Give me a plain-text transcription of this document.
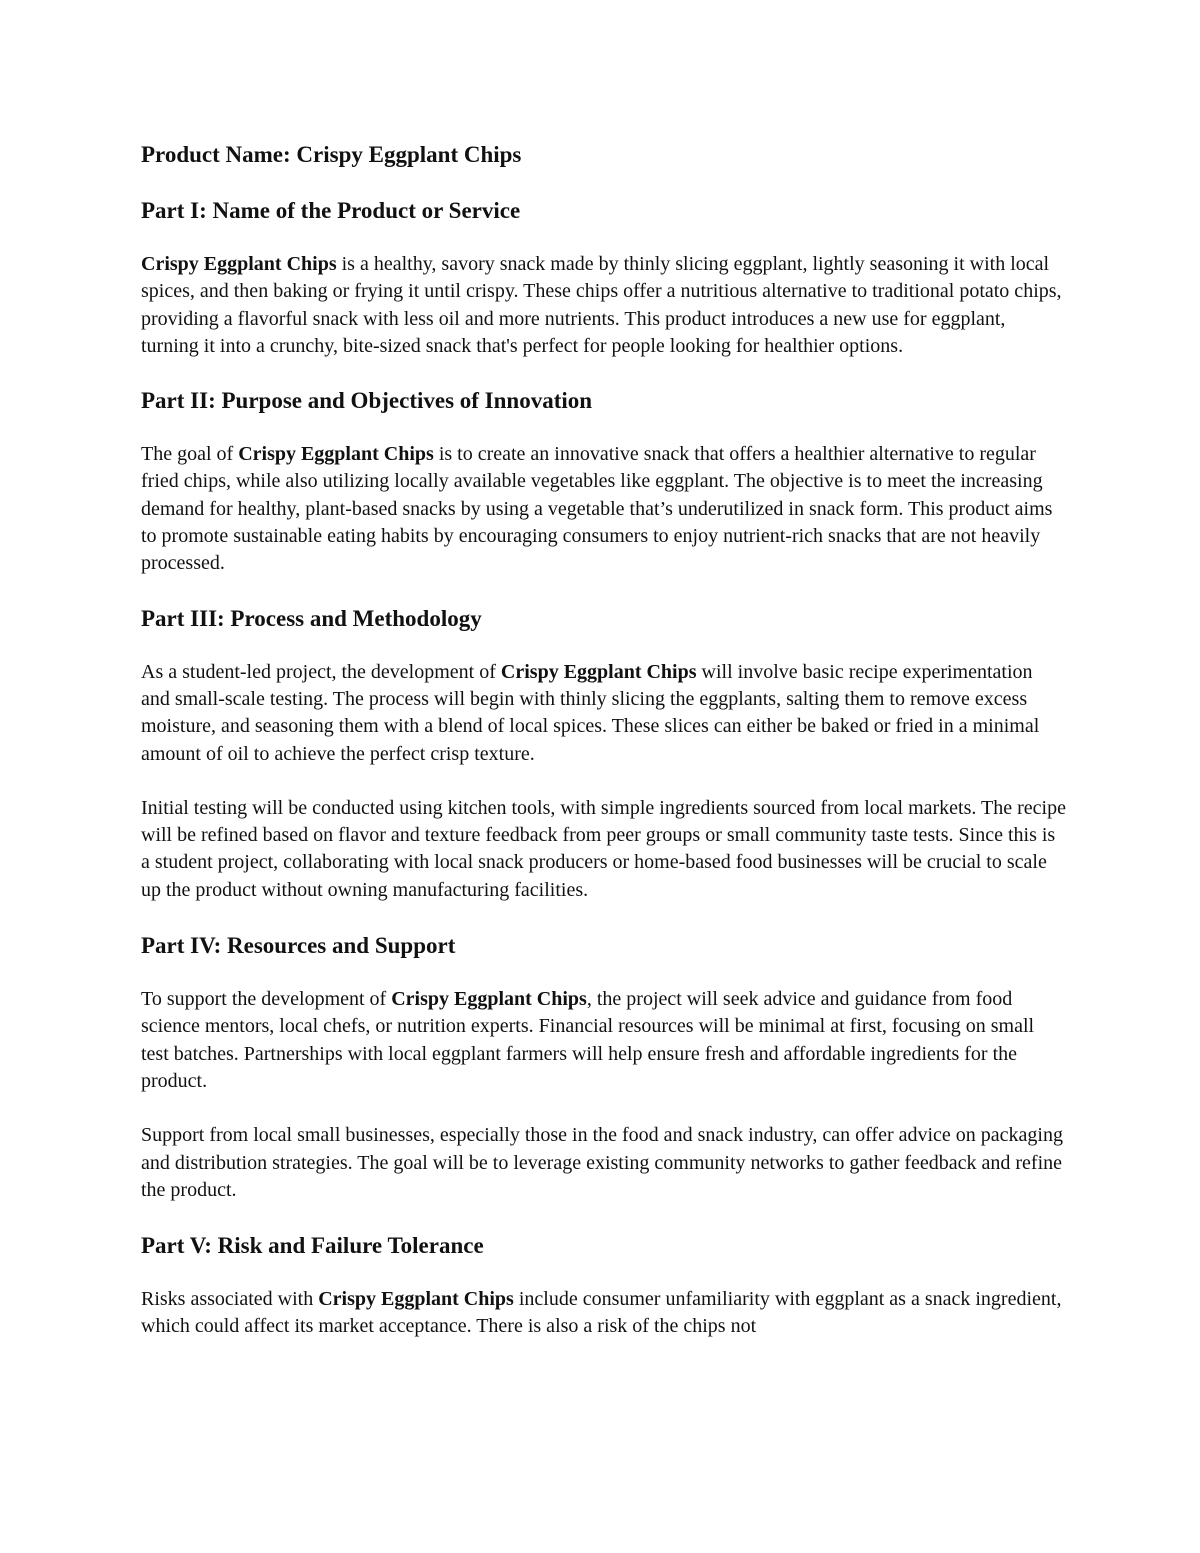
Product Name: Crispy Eggplant Chips
Part I: Name of the Product or Service

Crispy Eggplant Chips is a healthy, savory snack made by thinly slicing eggplant, lightly seasoning it with local spices, and then baking or frying it until crispy. These chips offer a nutritious alternative to traditional potato chips, providing a flavorful snack with less oil and more nutrients. This product introduces a new use for eggplant, turning it into a crunchy, bite-sized snack that's perfect for people looking for healthier options.

Part II: Purpose and Objectives of Innovation

The goal of Crispy Eggplant Chips is to create an innovative snack that offers a healthier alternative to regular fried chips, while also utilizing locally available vegetables like eggplant. The objective is to meet the increasing demand for healthy, plant-based snacks by using a vegetable that’s underutilized in snack form. This product aims to promote sustainable eating habits by encouraging consumers to enjoy nutrient-rich snacks that are not heavily processed.

Part III: Process and Methodology

As a student-led project, the development of Crispy Eggplant Chips will involve basic recipe experimentation and small-scale testing. The process will begin with thinly slicing the eggplants, salting them to remove excess moisture, and seasoning them with a blend of local spices. These slices can either be baked or fried in a minimal amount of oil to achieve the perfect crisp texture.

Initial testing will be conducted using kitchen tools, with simple ingredients sourced from local markets. The recipe will be refined based on flavor and texture feedback from peer groups or small community taste tests. Since this is a student project, collaborating with local snack producers or home-based food businesses will be crucial to scale up the product without owning manufacturing facilities.

Part IV: Resources and Support

To support the development of Crispy Eggplant Chips, the project will seek advice and guidance from food science mentors, local chefs, or nutrition experts. Financial resources will be minimal at first, focusing on small test batches. Partnerships with local eggplant farmers will help ensure fresh and affordable ingredients for the product.

Support from local small businesses, especially those in the food and snack industry, can offer advice on packaging and distribution strategies. The goal will be to leverage existing community networks to gather feedback and refine the product.

Part V: Risk and Failure Tolerance

Risks associated with Crispy Eggplant Chips include consumer unfamiliarity with eggplant as a snack ingredient, which could affect its market acceptance. There is also a risk of the chips not
